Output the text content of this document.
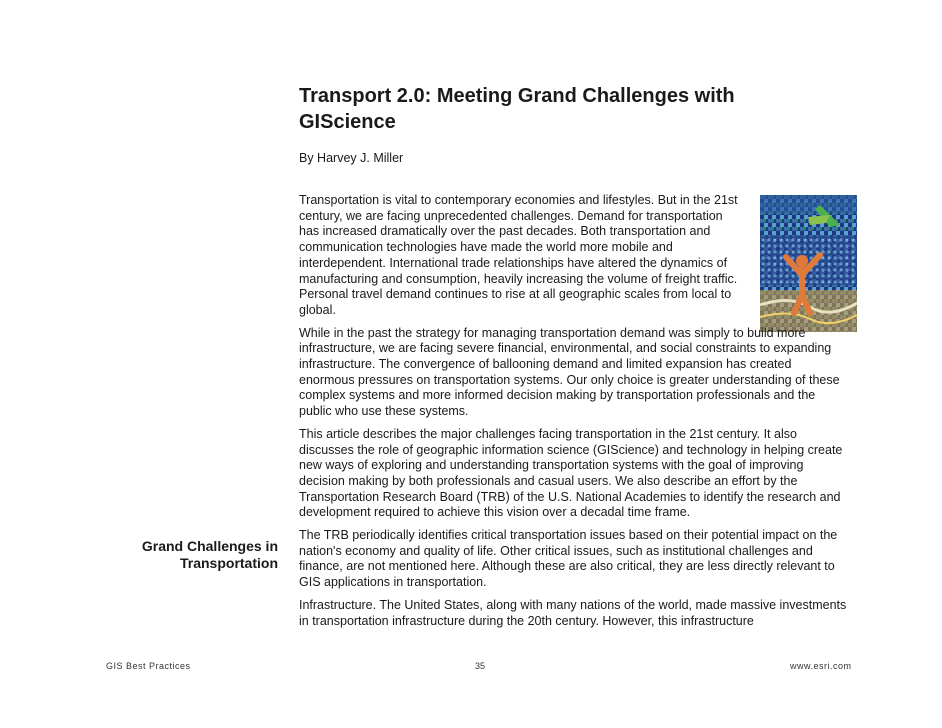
Transport 2.0: Meeting Grand Challenges with GIScience
By Harvey J. Miller

Transportation is vital to contemporary economies and lifestyles. But in the 21st century, we are facing unprecedented challenges. Demand for transportation has increased dramatically over the past decades. Both transportation and communication technologies have made the world more mobile and interdependent. International trade relationships have altered the dynamics of manufacturing and consumption, heavily increasing the volume of freight traffic. Personal travel demand continues to rise at all geographic scales from local to global.

While in the past the strategy for managing transportation demand was simply to build more infrastructure, we are facing severe financial, environmental, and social constraints to expanding infrastructure. The convergence of ballooning demand and limited expansion has created enormous pressures on transportation systems. Our only choice is greater understanding of these complex systems and more informed decision making by transportation professionals and the public who use these systems.

This article describes the major challenges facing transportation in the 21st century. It also discusses the role of geographic information science (GIScience) and technology in helping create new ways of exploring and understanding transportation systems with the goal of improving decision making by both professionals and casual users. We also describe an effort by the Transportation Research Board (TRB) of the U.S. National Academies to identify the research and development required to achieve this vision over a decadal time frame.

The TRB periodically identifies critical transportation issues based on their potential impact on the nation's economy and quality of life. Other critical issues, such as institutional challenges and finance, are not mentioned here. Although these are also critical, they are less directly relevant to GIS applications in transportation.

Infrastructure. The United States, along with many nations of the world, made massive investments in transportation infrastructure during the 20th century. However, this infrastructure

Grand Challenges in Transportation
GIS Best Practices	35	www.esri.com
